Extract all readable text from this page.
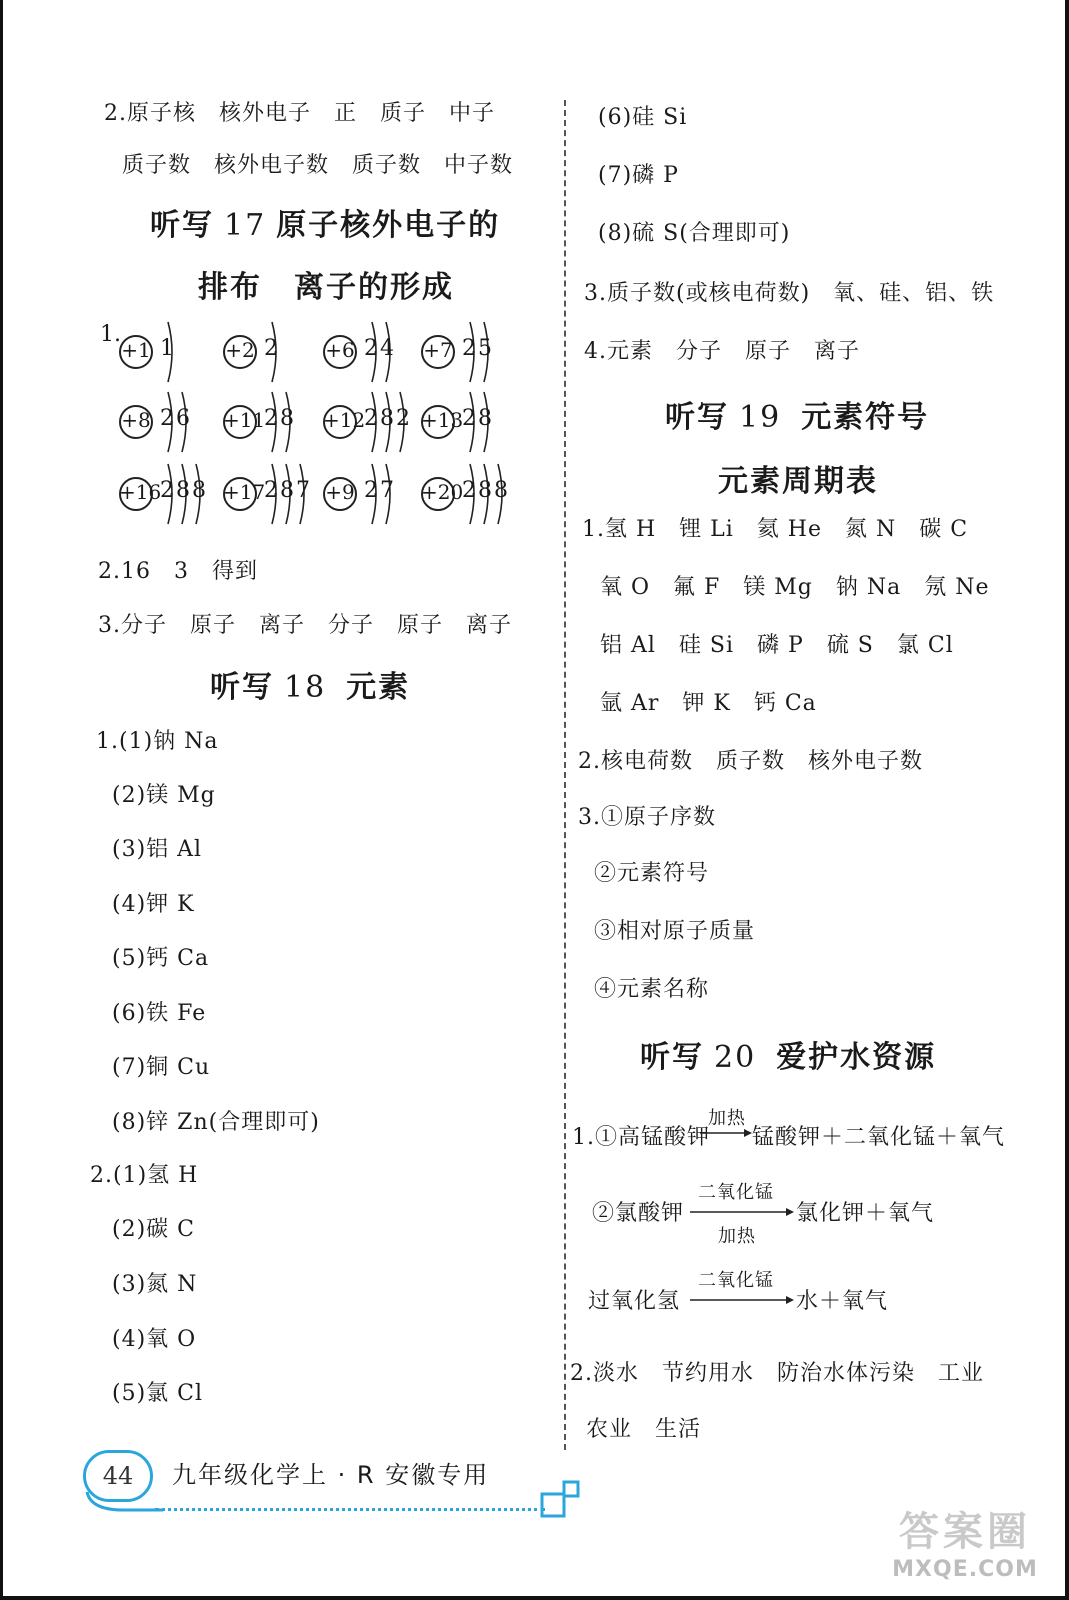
2.原子核　核外电子　正　质子　中子
质子数　核外电子数　质子数　中子数
听写 17 原子核外电子的
排布　离子的形成
1.
+1 1 +2 2 +6 24 +7 25
+8 26 +11
28 +12
282 +13
28
+16
288 +17
287 +9 27 +20
288
2.16　3　得到
3.分子　原子　离子　分子　原子　离子
听写 18 元素
1.(1)钠 Na
(2)镁 Mg
(3)铝 Al
(4)钾 K
(5)钙 Ca
(6)铁 Fe
(7)铜 Cu
(8)锌 Zn(合理即可)
2.(1)氢 H
(2)碳 C
(3)氮 N
(4)氧 O
(5)氯 Cl
(6)硅 Si
(7)磷 P
(8)硫 S(合理即可)
3.质子数(或核电荷数)　氧、硅、铝、铁
4.元素　分子　原子　离子
听写 19 元素符号
元素周期表
1.氢 H　锂 Li　氦 He　氮 N　碳 C
氧 O　氟 F　镁 Mg　钠 Na　氖 Ne
铝 Al　硅 Si　磷 P　硫 S　氯 Cl
氩 Ar　钾 K　钙 Ca
2.核电荷数　质子数　核外电子数
3.①原子序数
②元素符号
③相对原子质量
④元素名称
听写 20 爱护水资源
1.①高锰酸钾
加热
→ 锰酸钾＋二氧化锰＋氧气
②氯酸钾
二氧化锰
加热
氯化钾＋氧气
过氧化氢
二氧化锰
水＋氧气
2.淡水　节约用水　防治水体污染　工业
农业　生活
44	九年级化学上 · R 安徽专用
答案圈
MXQE.COM
